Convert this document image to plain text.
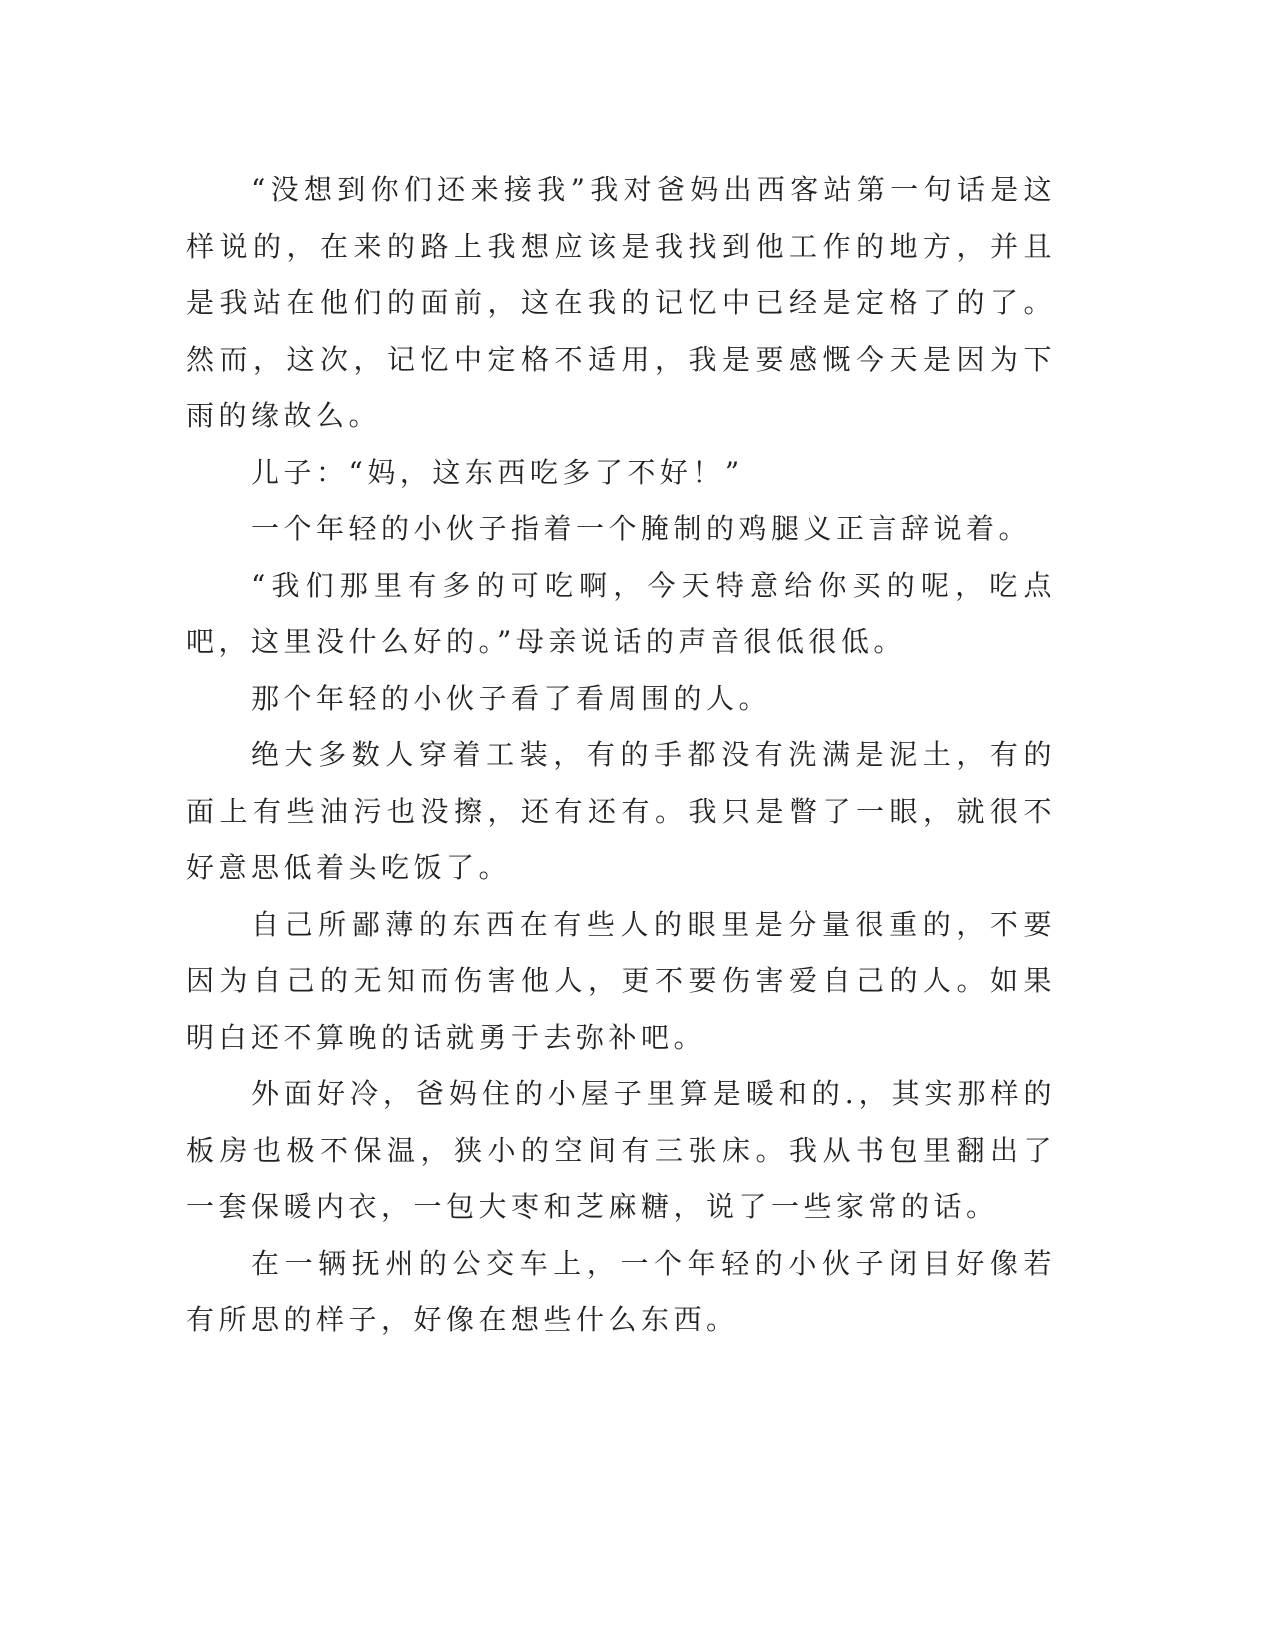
“没想到你们还来接我”我对爸妈出西客站第一句话是这样说的，在来的路上我想应该是我找到他工作的地方，并且是我站在他们的面前，这在我的记忆中已经是定格了的了。然而，这次，记忆中定格不适用，我是要感慨今天是因为下雨的缘故么。

儿子：“妈，这东西吃多了不好！”

一个年轻的小伙子指着一个腌制的鸡腿义正言辞说着。

“我们那里有多的可吃啊，今天特意给你买的呢，吃点吧，这里没什么好的。”母亲说话的声音很低很低。

那个年轻的小伙子看了看周围的人。

绝大多数人穿着工装，有的手都没有洗满是泥土，有的面上有些油污也没擦，还有还有。我只是瞥了一眼，就很不好意思低着头吃饭了。

自己所鄙薄的东西在有些人的眼里是分量很重的，不要因为自己的无知而伤害他人，更不要伤害爱自己的人。如果明白还不算晚的话就勇于去弥补吧。

外面好冷，爸妈住的小屋子里算是暖和的.，其实那样的板房也极不保温，狭小的空间有三张床。我从书包里翻出了一套保暖内衣，一包大枣和芝麻糖，说了一些家常的话。

在一辆抚州的公交车上，一个年轻的小伙子闭目好像若有所思的样子，好像在想些什么东西。
